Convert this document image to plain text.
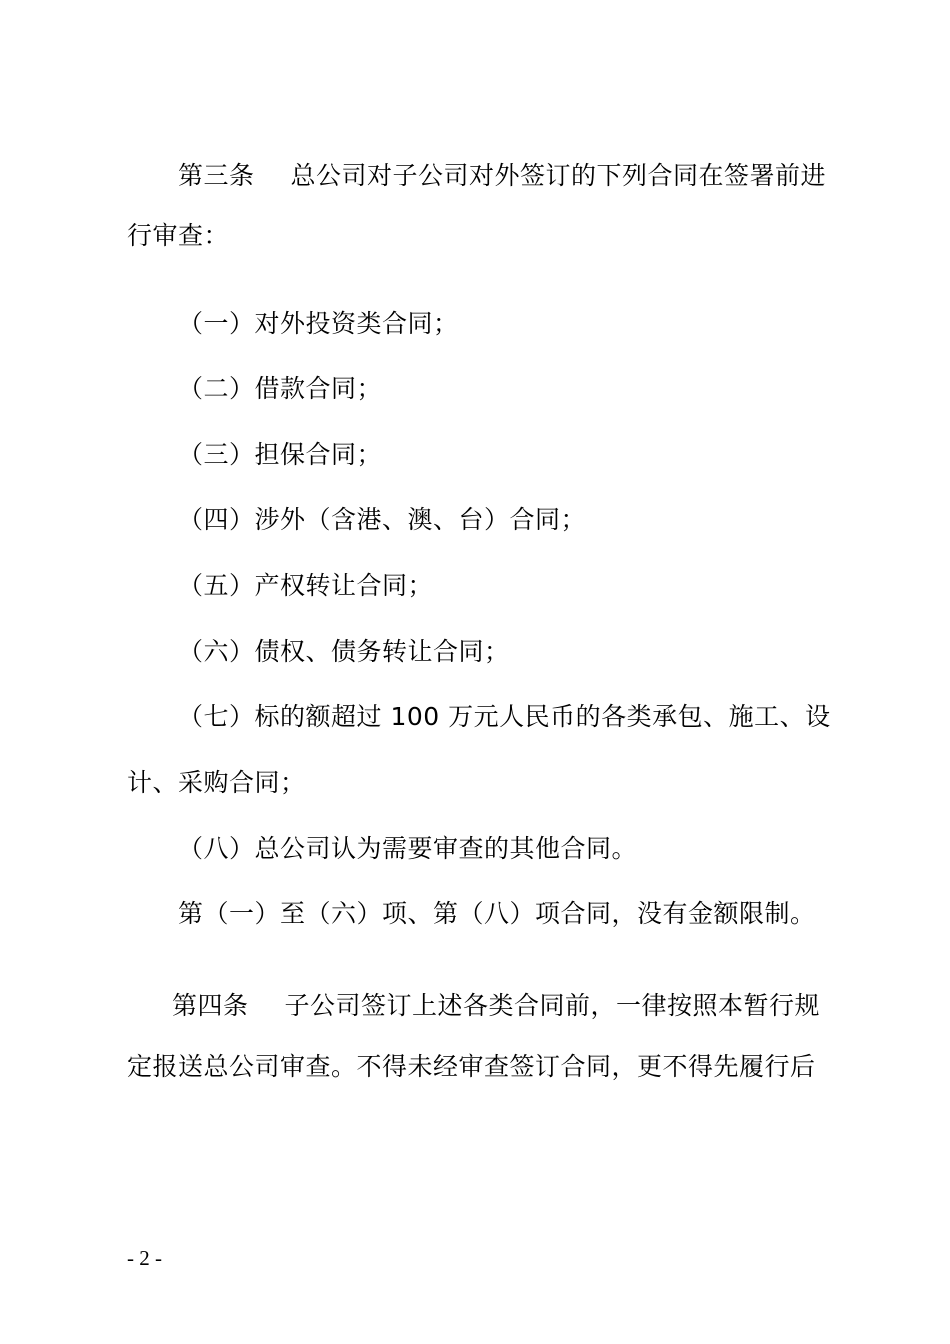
第三条 总公司对子公司对外签订的下列合同在签署前进
行审查：
（一）对外投资类合同；
（二）借款合同；
（三）担保合同；
（四）涉外（含港、澳、台）合同；
（五）产权转让合同；
（六）债权、债务转让合同；
（七）标的额超过 100 万元人民币的各类承包、施工、设
计、采购合同；
（八）总公司认为需要审查的其他合同。
第（一）至（六）项、第（八）项合同，没有金额限制。
第四条 子公司签订上述各类合同前，一律按照本暂行规
定报送总公司审查。不得未经审查签订合同，更不得先履行后
- 2 -
